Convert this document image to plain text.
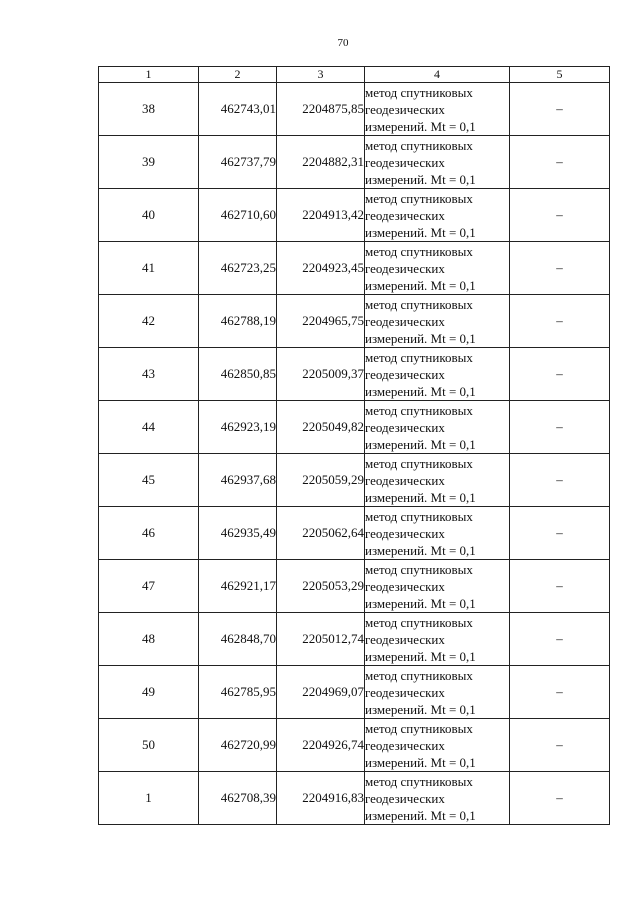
70
1	2	3	4	5
38	462743,01	2204875,85	метод спутниковых
геодезических
измерений. Mt = 0,1	–
39	462737,79	2204882,31	метод спутниковых
геодезических
измерений. Mt = 0,1	–
40	462710,60	2204913,42	метод спутниковых
геодезических
измерений. Mt = 0,1	–
41	462723,25	2204923,45	метод спутниковых
геодезических
измерений. Mt = 0,1	–
42	462788,19	2204965,75	метод спутниковых
геодезических
измерений. Mt = 0,1	–
43	462850,85	2205009,37	метод спутниковых
геодезических
измерений. Mt = 0,1	–
44	462923,19	2205049,82	метод спутниковых
геодезических
измерений. Mt = 0,1	–
45	462937,68	2205059,29	метод спутниковых
геодезических
измерений. Mt = 0,1	–
46	462935,49	2205062,64	метод спутниковых
геодезических
измерений. Mt = 0,1	–
47	462921,17	2205053,29	метод спутниковых
геодезических
измерений. Mt = 0,1	–
48	462848,70	2205012,74	метод спутниковых
геодезических
измерений. Mt = 0,1	–
49	462785,95	2204969,07	метод спутниковых
геодезических
измерений. Mt = 0,1	–
50	462720,99	2204926,74	метод спутниковых
геодезических
измерений. Mt = 0,1	–
1	462708,39	2204916,83	метод спутниковых
геодезических
измерений. Mt = 0,1	–
